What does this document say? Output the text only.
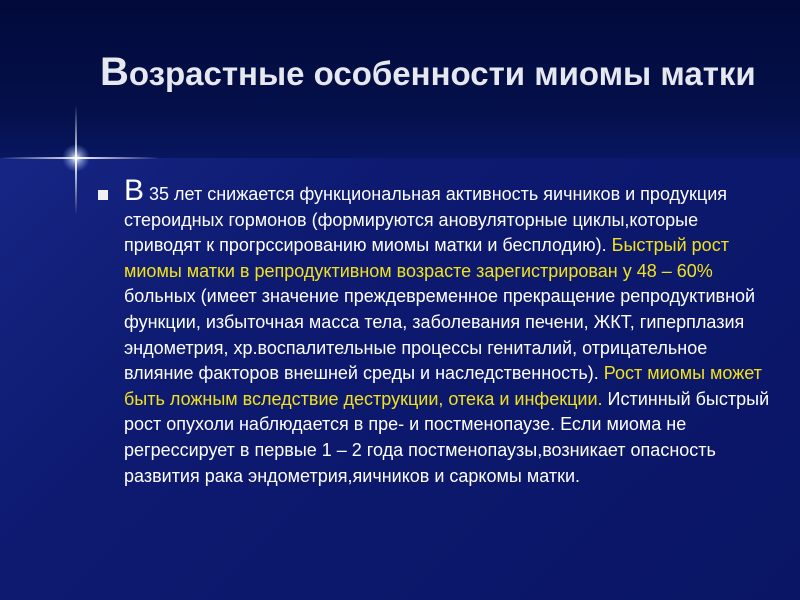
Возрастные особенности миомы матки

В 35 лет снижается функциональная активность яичников и продукция стероидных гормонов (формируются ановуляторные циклы,которые приводят к прогрссированию миомы матки и бесплодию). Быстрый рост миомы матки в репродуктивном возрасте зарегистрирован у 48 – 60% больных (имеет значение преждевременное прекращение репродуктивной функции, избыточная масса тела, заболевания печени, ЖКТ, гиперплазия эндометрия, хр.воспалительные процессы гениталий, отрицательное влияние факторов внешней среды и наследственность). Рост миомы может быть ложным вследствие деструкции, отека и инфекции. Истинный быстрый рост опухоли наблюдается в пре- и постменопаузе. Если миома не регрессирует в первые 1 – 2 года постменопаузы,возникает опасность развития рака эндометрия,яичников и саркомы матки.
